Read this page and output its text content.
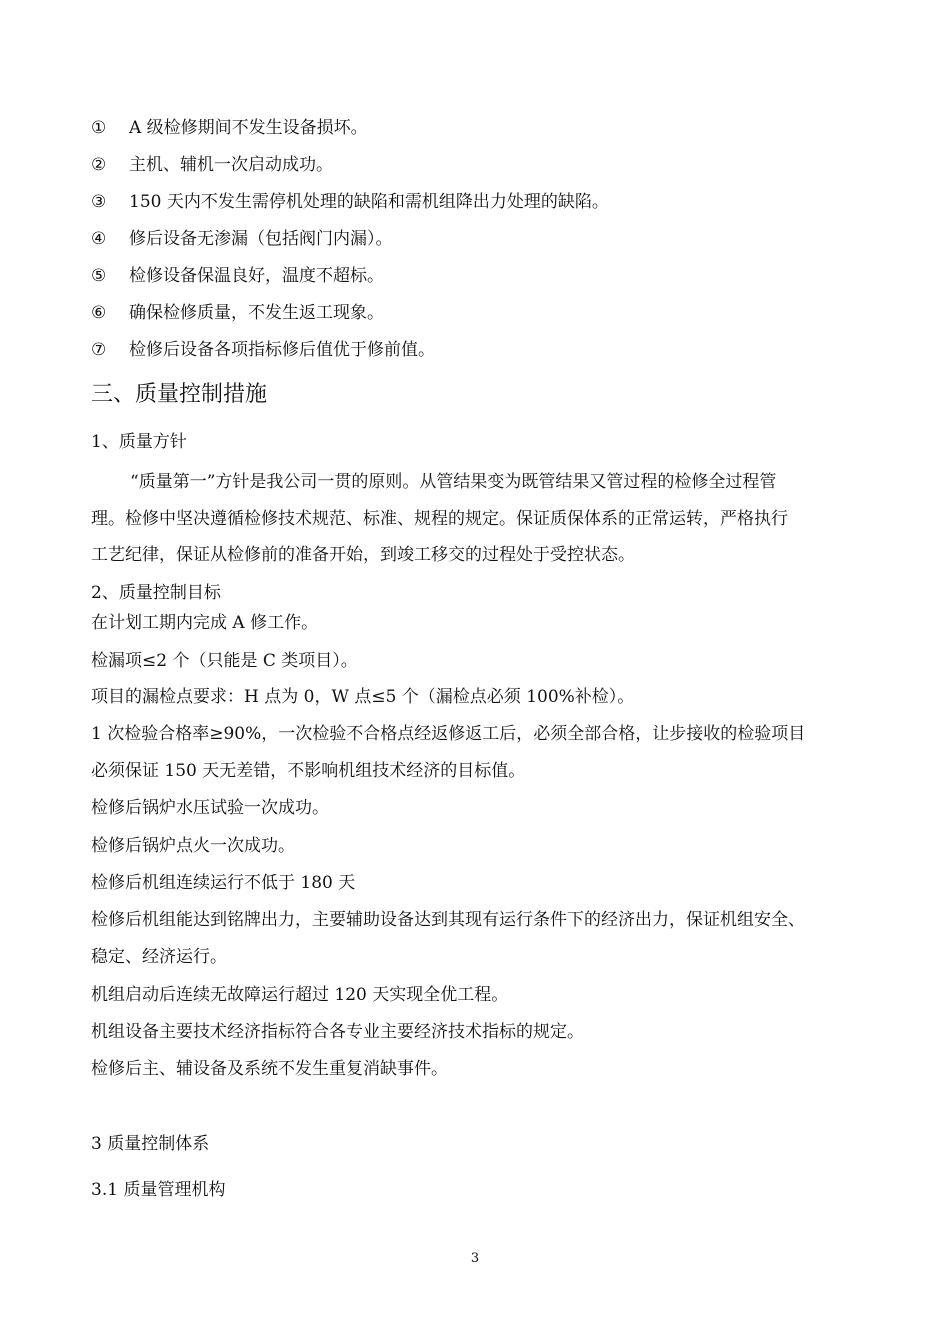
① A 级检修期间不发生设备损坏。
② 主机、辅机一次启动成功。
③ 150 天内不发生需停机处理的缺陷和需机组降出力处理的缺陷。
④ 修后设备无渗漏（包括阀门内漏）。
⑤ 检修设备保温良好，温度不超标。
⑥ 确保检修质量，不发生返工现象。
⑦ 检修后设备各项指标修后值优于修前值。
三、质量控制措施
1、质量方针
“质量第一”方针是我公司一贯的原则。从管结果变为既管结果又管过程的检修全过程管
理。检修中坚决遵循检修技术规范、标准、规程的规定。保证质保体系的正常运转，严格执行
工艺纪律，保证从检修前的准备开始，到竣工移交的过程处于受控状态。
2、质量控制目标
在计划工期内完成 A 修工作。
检漏项≤2 个（只能是 C 类项目）。
项目的漏检点要求：H 点为 0，W 点≤5 个（漏检点必须 100%补检）。
1 次检验合格率≥90%，一次检验不合格点经返修返工后，必须全部合格，让步接收的检验项目
必须保证 150 天无差错，不影响机组技术经济的目标值。
检修后锅炉水压试验一次成功。
检修后锅炉点火一次成功。
检修后机组连续运行不低于 180 天
检修后机组能达到铭牌出力，主要辅助设备达到其现有运行条件下的经济出力，保证机组安全、
稳定、经济运行。
机组启动后连续无故障运行超过 120 天实现全优工程。
机组设备主要技术经济指标符合各专业主要经济技术指标的规定。
检修后主、辅设备及系统不发生重复消缺事件。
3 质量控制体系
3.1 质量管理机构
3
